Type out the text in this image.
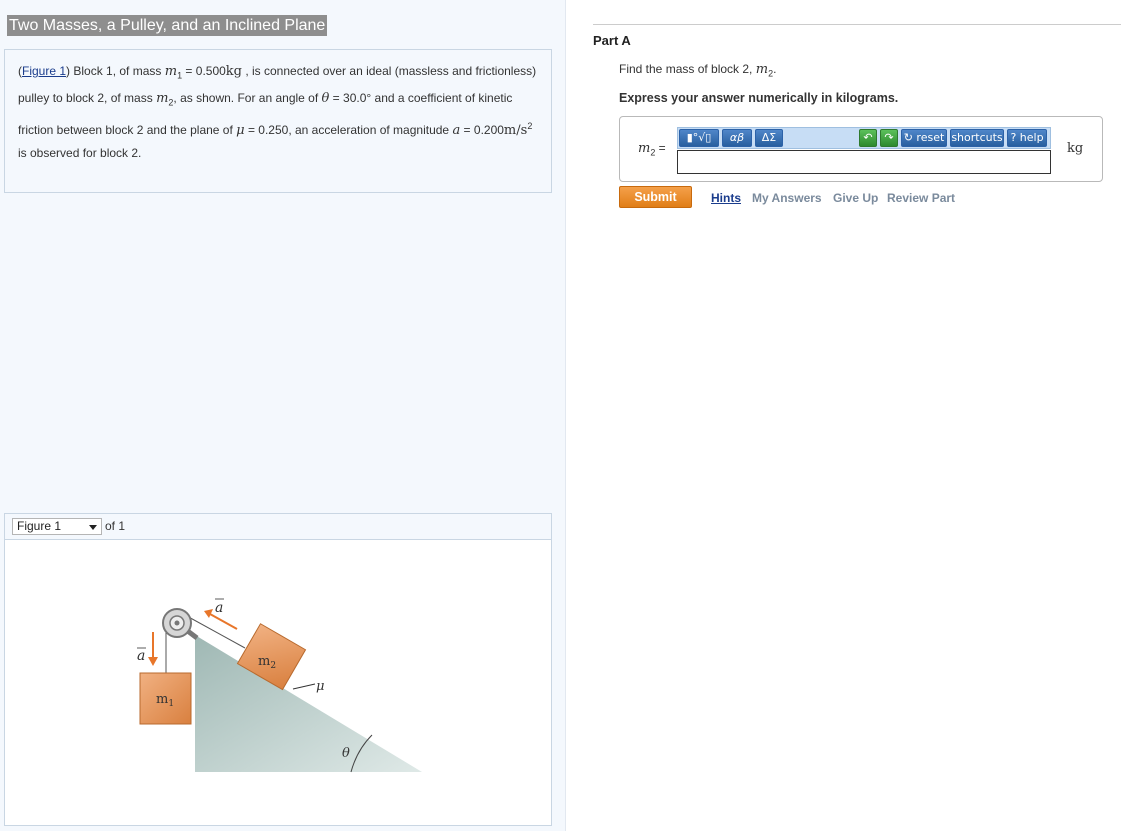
Two Masses, a Pulley, and an Inclined Plane
(Figure 1) Block 1, of mass $m_1 = 0.500kg$ , is connected over an ideal (massless and frictionless) pulley to block 2, of mass $m_2$, as shown. For an angle of θ = 30.0° and a coefficient of kinetic friction between block 2 and the plane of μ = 0.250, an acceleration of magnitude $a = 0.200m/s^2$ is observed for block 2.
Figure 1	of 1
θ
$m_1$
$m_2$
μ
a
a
Part A
Find the mass of block 2, $m_2$.
Express your answer numerically in kilograms.
$m_2$ =
▮°√▯	αβ	ΔΣ	↶	↷ ↻ reset shortcuts ? help
kg
Submit	Hints My Answers Give Up Review Part
